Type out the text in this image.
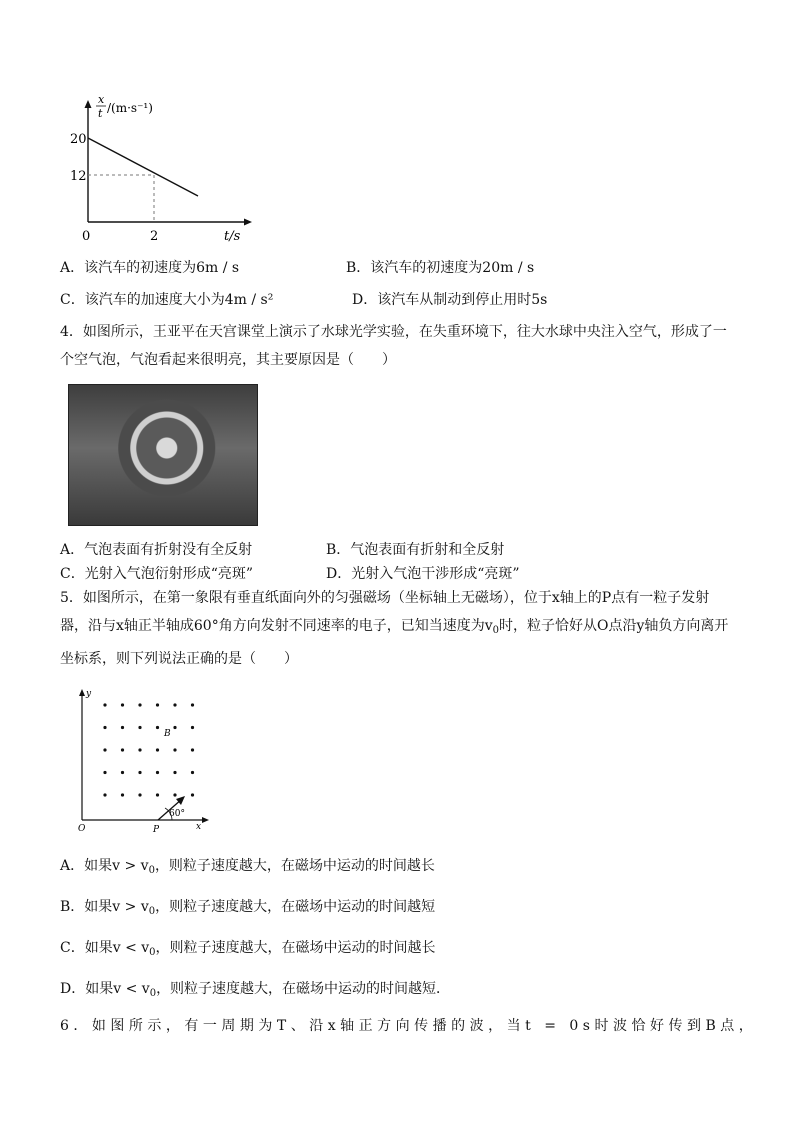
x
t /(m·s⁻¹)
20
12
0	2	t/s
A．该汽车的初速度为6m / s	B．该汽车的初速度为20m / s
C．该汽车的加速度大小为4m / s²	D．该汽车从制动到停止用时5s
4．如图所示，王亚平在天宫课堂上演示了水球光学实验，在失重环境下，往大水球中央注入空气，形成了一个空气泡，气泡看起来很明亮，其主要原因是（　　）
A．气泡表面有折射没有全反射	B．气泡表面有折射和全反射
C．光射入气泡衍射形成“亮斑”	D．光射入气泡干涉形成“亮斑”
5．如图所示，在第一象限有垂直纸面向外的匀强磁场（坐标轴上无磁场），位于x轴上的P点有一粒子发射器，沿与x轴正半轴成60°角方向发射不同速率的电子，已知当速度为$v_0$时，粒子恰好从O点沿y轴负方向离开坐标系，则下列说法正确的是（　　）
y
x
O	P
B
60°
A．如果$v > v_0$，则粒子速度越大，在磁场中运动的时间越长
B．如果$v > v_0$，则粒子速度越大，在磁场中运动的时间越短
C．如果$v < v_0$，则粒子速度越大，在磁场中运动的时间越长
D．如果$v < v_0$，则粒子速度越大，在磁场中运动的时间越短．
6．如图所示，有一周期为T、沿x轴正方向传播的波，当t = 0s时波恰好传到B点，
